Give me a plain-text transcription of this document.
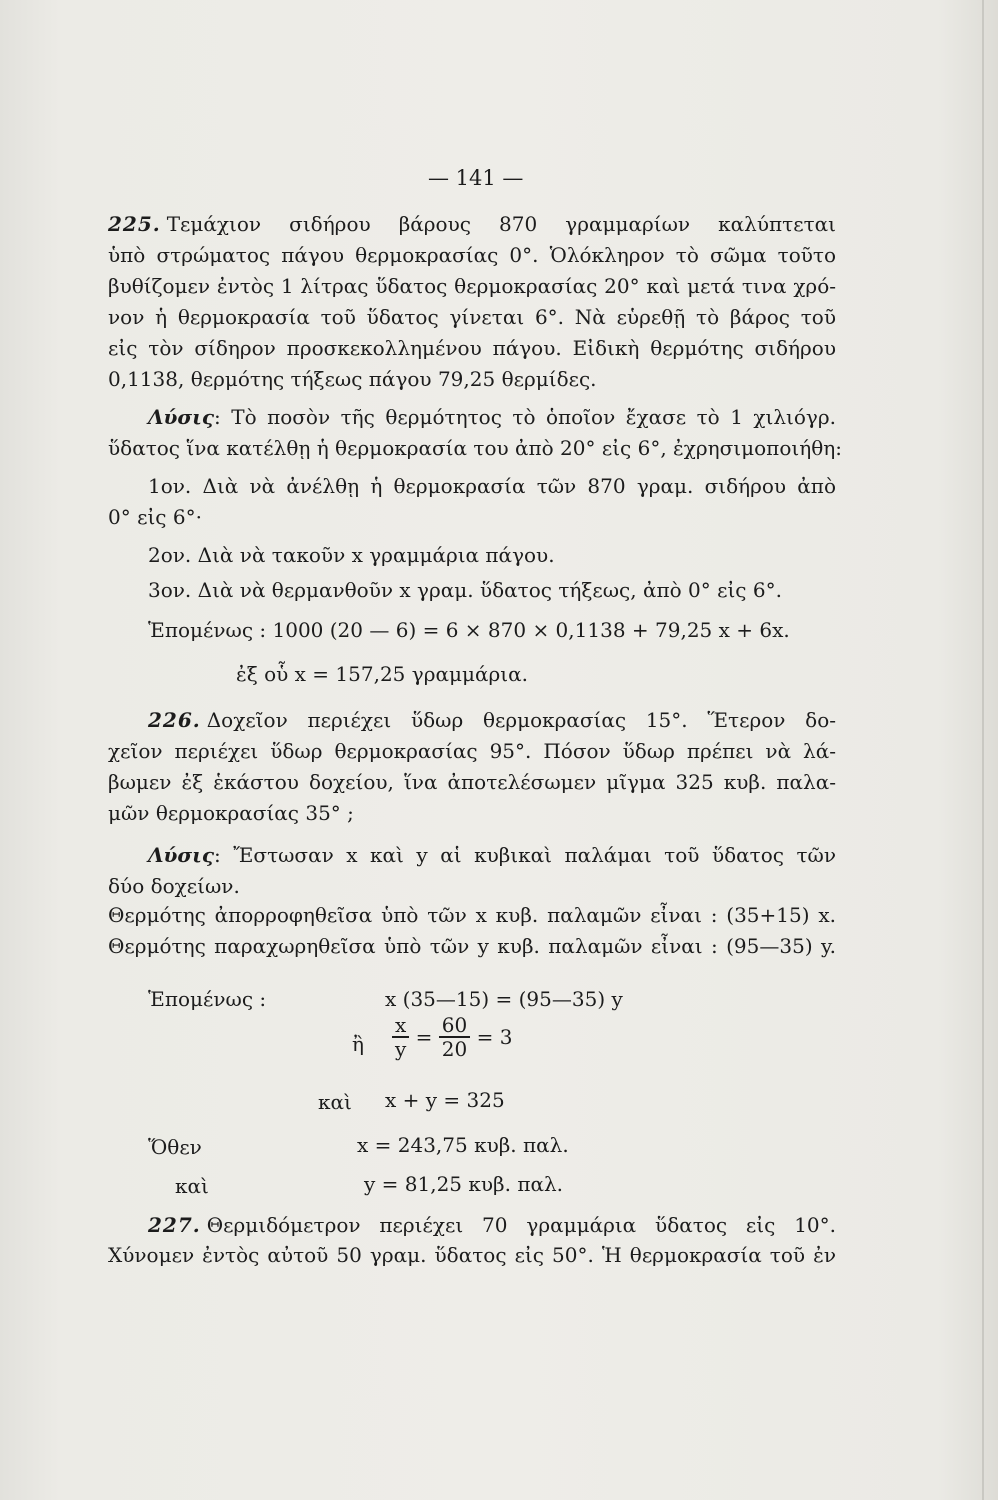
— 141 —
225. Τεμάχιον σιδήρου βάρους 870 γραμμαρίων καλύπτεται
ὑπὸ στρώματος πάγου θερμοκρασίας 0°. Ὁλόκληρον τὸ σῶμα τοῦτο
βυθίζομεν ἐντὸς 1 λίτρας ὕδατος θερμοκρασίας 20° καὶ μετά τινα χρό-
νον ἡ θερμοκρασία τοῦ ὕδατος γίνεται 6°. Νὰ εὑρεθῇ τὸ βάρος τοῦ
εἰς τὸν σίδηρον προσκεκολλημένου πάγου. Εἰδικὴ θερμότης σιδήρου
0,1138, θερμότης τήξεως πάγου 79,25 θερμίδες.
Λύσις: Τὸ ποσὸν τῆς θερμότητος τὸ ὁποῖον ἔχασε τὸ 1 χιλιόγρ.
ὕδατος ἵνα κατέλθῃ ἡ θερμοκρασία του ἀπὸ 20° εἰς 6°, ἐχρησιμοποιήθη:
1ον. Διὰ νὰ ἀνέλθῃ ἡ θερμοκρασία τῶν 870 γραμ. σιδήρου ἀπὸ
0° εἰς 6°·
2ον. Διὰ νὰ τακοῦν x γραμμάρια πάγου.
3ον. Διὰ νὰ θερμανθοῦν x γραμ. ὕδατος τήξεως, ἀπὸ 0° εἰς 6°.
Ἑπομένως : 1000 (20 — 6) = 6 × 870 × 0,1138 + 79,25 x + 6x.
ἐξ οὗ x = 157,25 γραμμάρια.
226. Δοχεῖον περιέχει ὕδωρ θερμοκρασίας 15°. Ἕτερον δο-
χεῖον περιέχει ὕδωρ θερμοκρασίας 95°. Πόσον ὕδωρ πρέπει νὰ λά-
βωμεν ἐξ ἑκάστου δοχείου, ἵνα ἀποτελέσωμεν μῖγμα 325 κυβ. παλα-
μῶν θερμοκρασίας 35° ;
Λύσις: Ἔστωσαν x καὶ y αἱ κυβικαὶ παλάμαι τοῦ ὕδατος τῶν
δύο δοχείων.
Θερμότης ἀπορροφηθεῖσα ὑπὸ τῶν x κυβ. παλαμῶν εἶναι : (35+15) x.
Θερμότης παραχωρηθεῖσα ὑπὸ τῶν y κυβ. παλαμῶν εἶναι : (95—35) y.
Ἑπομένως :	x (35—15) = (95—35) y
ἢ $\frac{x}{y} = \frac{60}{20} = 3$
καὶ x + y = 325
Ὅθεν	x = 243,75 κυβ. παλ.
καὶ	y = 81,25 κυβ. παλ.
227. Θερμιδόμετρον περιέχει 70 γραμμάρια ὕδατος εἰς 10°.
Χύνομεν ἐντὸς αὐτοῦ 50 γραμ. ὕδατος εἰς 50°. Ἡ θερμοκρασία τοῦ ἐν
